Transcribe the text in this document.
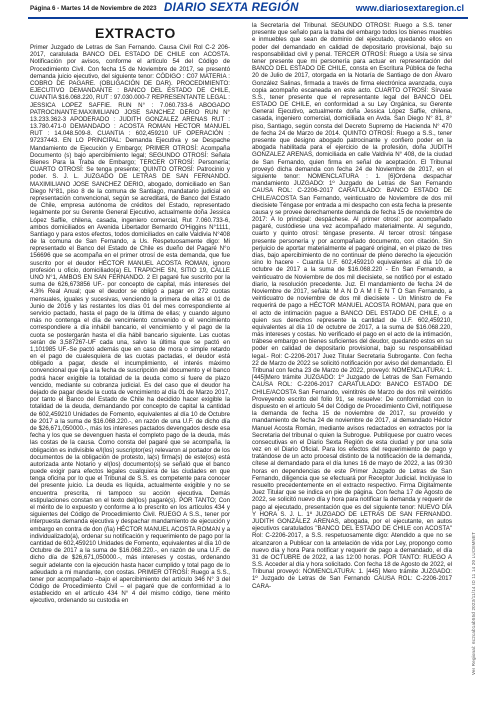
Página 6 - Martes 14 de Noviembre de 2023 DIARIO SEXTA REGIÓN	www.diariosextaregion.cl
EXTRACTO
Primer Juzgado de Letras de San Fernando. Causa Civil Rol C-2 206-2017, caratulada BANCO DEL ESTADO DE CHILE con ACOSTA. Notificación por avisos, conforme el artículo 54 del Código de Procedimiento Civil. Con fecha 15 de Noviembre de 2017, se presentó demanda juicio ejecutivo, del siguiente tenor: CÓDIGO : C07 MATERIA : COBRO DE PAGARE. (OBLIGACIÓN DE DAR). PROCEDIMIENTO: EJECUTIVO DEMANDANTE : BANCO DEL ESTADO DE CHILE, CUANTIA $16.068.220, RUT : 97.030.000-7 REPRESENTANTE LEGAL : JESSICA LOPEZ SAFFIE. RUN N° : 7.060.733-6 ABOGADO PATROCINANTE:MAXIMILIANO JOSE SANCHEZ DERIO RUN N° 13.233.362-3 APODERADO : JUDITH GONZALEZ ARENAS RUT : 13.780.471-0 DEMANDADO : ACOSTA ROMAN HECTOR MANUEL RUT : 14.048.509-8. CUANTIA : 602,459210 UF OPERACIÓN : 97237443. EN LO PRINCIPAL: Demanda Ejecutiva y se Despache Mandamiento de Ejecución y Embargo; PRIMER OTROSÍ: Acompaña Documento (s) bajo apercibimiento legal; SEGUNDO OTROSÍ: Señala Bienes Para la Traba de Embargo; TERCER OTROSÍ: Personería; CUARTO OTROSÍ: Se tenga presente; QUINTO OTROSÍ: Patrocinio y poder. S. J. L. JUZGADO DE LETRAS DE SAN FERNANDO. MAXIMILIANO JOSE SANCHEZ DERIO, abogado, domiciliado en San Diego N°81, piso 8 de la comuna de Santiago, mandatario judicial en representación convencional, según se acreditará, de Banco del Estado de Chile, empresa autónoma de créditos del Estado, representado legalmente por su Gerente General Ejecutivo, actualmente doña Jessica López Saffie, chilena, casada, ingeniero comercial, Rut 7.060.733-6, ambos domiciliados en Avenida Libertador Bernardo O'Higgins N°1111, Santiago y para estos efectos, todos domiciliados en calle Valdivia N°408 de la comuna de San Fernando, a Us. Respetuosamente digo: Mi representado el Banco del Estado de Chile es dueño del Pagaré N°o 156696 que se acompaña en el primer otrosí de esta demanda, que fue suscrito por el deudor HÉCTOR MANUEL ACOSTA ROMAN, ignoro profesión u oficio, domiciliado(a) EL TRAPICHE SN, SITIO 19, CALLE UNO N°1, AMBOS EN SAN FERNANDO. 2 El pagaré fue suscrito por la suma de 626,673856 UF.- por concepto de capital, más intereses del 4,3% Real Anual; que el deudor se obligó a pagar en 272 cuotas mensuales, iguales y sucesivas, venciendo la primera de ellas el 01 de Junio de 2016 y las restantes los días 01 del mes correspondiente al servicio pactado, hasta el pago de la última de ellas; y cuando alguno más no contenga el día de vencimiento convenido o el vencimiento correspondiere a día inhábil bancario, el vencimiento y el pago de la cuota se postergarán hasta el día hábil bancario siguiente. Las cuotas serán de 3,587267-UF cada una, salvo la última que se pactó en 1,101985 UF.-Se pactó además que en caso de mora o simple retardo en el pago de cualesquiera de las cuotas pactadas, el deudor está obligado a pagar, desde el incumplimiento, el interés máximo convencional que rija a la fecha de suscripción del documento y el banco podrá hacer exigible la totalidad de la deuda como si fuere de plazo vencido, mediante su cobranza judicial. Es del caso que el deudor ha dejado de pagar desde la cuota de vencimiento al día 01 de Marzo 2017, por tanto el Banco del Estado de Chile ha decidido hacer exigible la totalidad de la deuda, demandando por concepto de capital la cantidad de 602,459210 Unidades de Fomento, equivalentes al día 10 de Octubre de 2017 a la suma de $16.068.220.-, en razón de una U.F. de dicho día de $26,671,050000.-, más los intereses pactados devengados desde esa fecha y los que se devenguen hasta el completo pago de la deuda, más las costas de la causa. Como consta del pagaré que se acompaña, la obligación es indivisible e/l(los) suscriptor(es) relevaron al portador de los documentos de la obligación de protesto, la(s) firma(s) de este(os) está autorizada ante Notario y el(los) documento(s) se señaló que el banco puede exigir para efectos legales cualquiera de las ciudades en que tenga oficina por lo que el Tribunal de S.S. es competente para conocer del presente juicio. La deuda es líquida, actualmente exigible y no se encuentra prescrita, ni tampoco su acción ejecutiva. Demás estipulaciones constan en el texto del(los) pagaré(s). POR TANTO; Con el mérito de lo expuesto y conforme a lo prescrito en los artículos 434 y siguientes del Código de Procedimiento Civil. RUEGO A S.S., tener por interpuesta demanda ejecutiva y despachar mandamiento de ejecución y embargo en contra de don (ña) HÉCTOR MANUEL ACOSTA ROMAN y a individualizado(a), ordenar su notificación y requerimiento de pago por la cantidad de 602,459210 Unidades de Fomento, equivalentes al día 10 de Octubre de 2017 a la suma de $16.068.220.-, en razón de una U.F. de dicho día de $26,671,050000.-, más intereses y costas, ordenando seguir adelante con la ejecución hasta hacer cumplido y total pago de lo adeudado a mi mandante, con costas. PRIMER OTROSÍ: Ruego a S.S., tener por acompañado –bajo el apercibimiento del artículo 346 N° 3 del Código de Procedimiento Civil – el pagaré que de conformidad a lo establecido en el artículo 434 N° 4 del mismo código, tiene mérito ejecutivo, ordenando su custodia en
la Secretaría del Tribunal. SEGUNDO OTROSÍ: Ruego a S.S. tener presente que señalo para la traba del embargo todos los bienes muebles e inmuebles que sean de dominio del ejecutado, quedando ellos en poder del demandado en calidad de depositario provisional, bajo su responsabilidad civil y penal. TERCER OTROSÍ: Ruego a Usía se sirva tener presente que mi personería para actuar en representación del BANCO DEL ESTADO DE CHILE, consta en Escritura Pública de fecha 20 de Julio de 2017, otorgada en la Notaría de Santiago de don Álvaro González Salinas, firmada a través de firma electrónica avanzada, cuya copia acompaño escaneada en este acto. CUARTO OTROSÍ: Sírvase S.S., tener presente que el representante legal del BANCO DEL ESTADO DE CHILE, en conformidad a su Ley Orgánica, su Gerente General Ejecutivo, actualmente doña Jessica López Saffie, chilena, casada, ingeniero comercial, domiciliada en Avda. San Diego N° 81, 8° piso, Santiago, según consta del Decreto Supremo de Hacienda N° 470 de fecha 24 de Marzo de 2014. QUINTO OTROSÍ: Ruego a S.S., tener presente que designo abogado patrocinante y confiero poder en la abogada habilitada para el ejercicio de la profesión, doña JUDITH GONZALEZ ARENAS, domiciliada en calle Valdivia N° 408, de la ciudad de San Fernando, quien firma en señal de aceptación. El Tribunal proveyó dicha demanda con fecha 24 de Noviembre de 2017, en el siguiente tenor: NOMENCLATURA : 1. [6]Ordena despachar mandamiento JUZGADO: 1º Juzgado de Letras de San Fernando CAUSA ROL: C-2206-2017 CARATULADO: BANCO ESTADO DE CHILE/ACOSTA San Fernando, veinticuatro de Noviembre de dos mil diecisiete Téngase por entrada a mi despacho con esta fecha la presente causa y se provee derechamente demanda de fecha 15 de noviembre de 2017: A lo principal: despáchese. Al primer otrosí: por acompañado pagaré, custódiese una vez acompañado materialmente. Al segundo, cuarto y quinto otrosí: téngase presente. Al tercer otrosí: téngase presente personería y por acompañado documento, con citación. Sin perjuicio de aportar materialmente el pagaré original, en el plazo de tres días, bajo apercibimiento de no continuar de pleno derecho la ejecución sino lo hacere - Cuantía U.F. 602,459210 equivalentes al día 10 de octubre de 2017 a la suma de $16.068.220 - En San Fernando, a veinticuatro de Noviembre de dos mil diecisiete, se notificó por el estado diario, la resolución precedente. Juz. El mandamiento de fecha 24 de Noviembre de 2017, señala: M A N D A M I E N T O San Fernando, a veinticuatro de noviembre de dos mil diecisiete - Un Ministro de Fe requerirá de pago a HÉCTOR MANUEL ACOSTA ROMAN, para que en el acto de intimación pague a BANCO DEL ESTADO DE CHILE, o a quien sus derechos represente la cantidad de U.F. 602,459210, equivalentes al día 10 de octubre de 2017, a la suma de $16.068.220, más intereses y costas. No verificado el pago en el acto de la intimación, trábese embargo en bienes suficientes del deudor, quedando estos en su poder en calidad de depositario provisional, bajo su responsabilidad legal.- Rol: C-2206-2017 Juez Titular Secretaria Subrogante. Con fecha 22 de Marzo de 2022 se solicitó notificación por aviso del demandado. El Tribunal con fecha 23 de Marzo de 2022, proveyó: NOMENCLATURA: 1. [445]Mero trámite JUZGADO: 1º Juzgado de Letras de San Fernando CAUSA ROL: C-2206-2017 CARATULADO: BANCO ESTADO DE CHILE/ACOSTA San Fernando, veintitrés de Marzo de dos mil veintidós Proveyendo escrito del folio 91, se resuelve: De conformidad con lo dispuesto en el artículo 54 del Código de Procedimiento Civil, notifíquese la demanda de fecha 15 de noviembre de 2017, su proveído y mandamiento de fecha 24 de noviembre de 2017, al demandado Héctor Manuel Acosta Román, mediante avisos redactados en extractos por la Secretaria del tribunal o quien la Subrogue. Publíquese por cuatro veces consecutivas en el Diario Sexta Región de esta ciudad y por una sola vez en el Diario Oficial. Para los efectos del requerimiento de pago y tratándose de un acto procesal distinto de la notificación de la demanda, cítese al demandado para el día lunes 16 de mayo de 2022, a las 09:30 horas en dependencias de este Primer Juzgado de Letras de San Fernando, diligencia que se efectuará por Receptor Judicial. Inclúyase lo resuelto precedentemente en el extracto respectivo. Firma Digitalmente Juez Titular que se indica en pie de página. Con fecha 17 de Agosto de 2022, se solicitó nuevo día y hora para notificar la demanda y requerir de pago al ejecutado, presentación que es del siguiente tenor: NUEVO DÍA Y HORA S. J. L. 1º JUZGADO DE LETRAS DE SAN FERNANDO. JUDITH GONZÁLEZ ARENAS, abogada, por el ejecutante, en autos ejecutivos caratulados "BANCO DEL ESTADO DE CHILE con ACOSTA" Rol: C-2206-2017, a S.S. respetuosamente digo: Atendido a que no se alcanzaron a Publicar con la antelación de vida por Ley, propongo como nuevo día y hora Para notificar y requerir de pago a demandado, el día 31 de OCTUBRE de 2022, a las 12:00 horas. POR TANTO: RUEGO A S.S. Acceder al día y hora solicitado. Con fecha 18 de Agosto de 2022, el Tribunal proveyó: NOMENCLATURA: 1. [445] Mero trámite JUZGADO: 1º Juzgado de Letras de San Fernando CAUSA ROL: C-2206-2017 CARA-	Ver Regional: 6c2cab1ab55d 2023/11/14 ID 11 14 20 LUCEMNET
